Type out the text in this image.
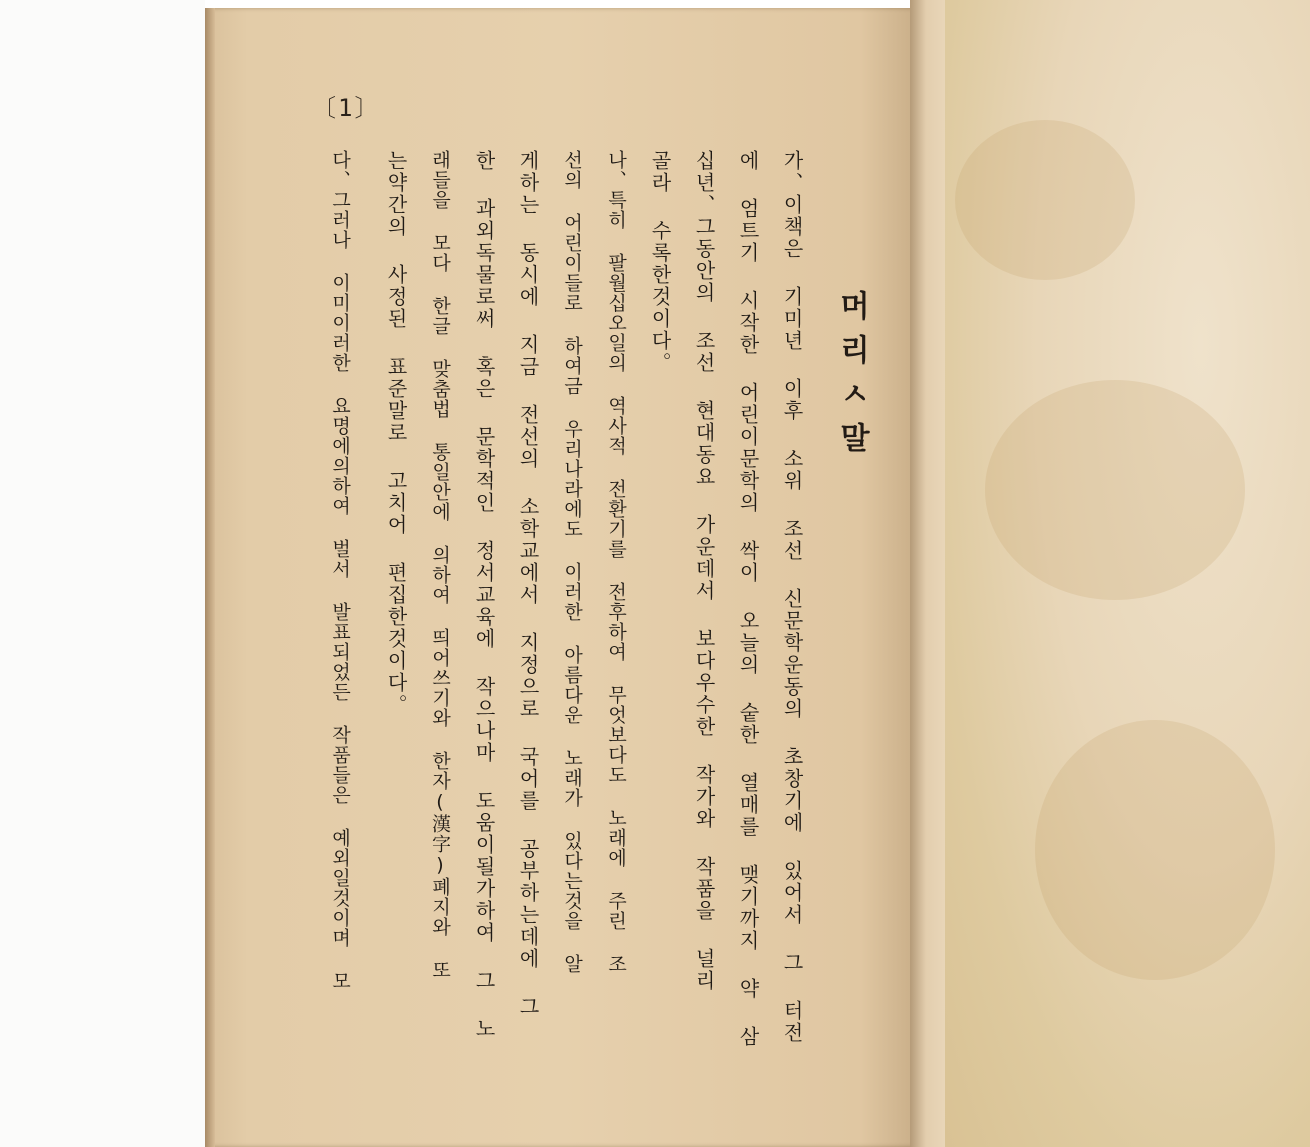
〔1〕
머리ㅅ말
가、이책은 기미년 이후 소위 조선 신문학운동의 초창기에 있어서 그 터전
에 엄트기 시작한 어린이문학의 싹이 오늘의 숱한 열매를 맺기까지 약 삼
십년、그동안의 조선 현대동요 가운데서 보다우수한 작가와 작품을 널리
골라 수록한것이다。
나、특히 팔월십오일의 역사적 전환기를 전후하여 무엇보다도 노래에 주린 조
선의 어린이들로 하여금 우리나라에도 이러한 아름다운 노래가 있다는것을 알
게하는 동시에 지금 전선의 소학교에서 지정으로 국어를 공부하는데에 그
한 과외독물로써 혹은 문학적인 정서교육에 작으나마 도움이될가하여 그 노
래들을 모다 한글 맞춤법 통일안에 의하여 띄어쓰기와 한자(漢字)폐지와 또
는약간의 사정된 표준말로 고치어 편집한것이다。
다、그러나 이미이러한 요명에의하여 벌서 발표되었든 작품들은 예외일것이며 모
